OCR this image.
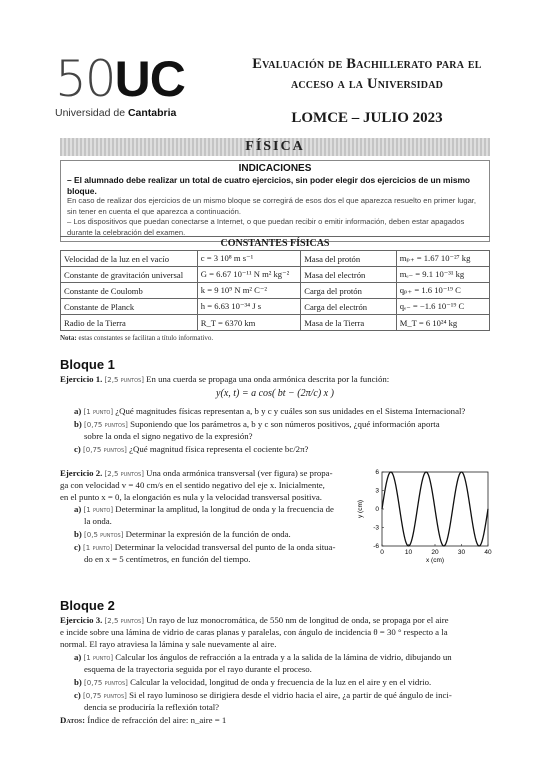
50 UC
Universidad de Cantabria
Evaluación de Bachillerato para el
acceso a la Universidad
LOMCE – JULIO 2023
FÍSICA
INDICACIONES
– El alumnado debe realizar un total de cuatro ejercicios, sin poder elegir dos ejercicios de un mismo bloque.
En caso de realizar dos ejercicios de un mismo bloque se corregirá de esos dos el que aparezca resuelto en primer lugar, sin tener en cuenta el que aparezca a continuación.
– Los dispositivos que puedan conectarse a Internet, o que puedan recibir o emitir información, deben estar apagados durante la celebración del examen.
CONSTANTES FÍSICAS
Velocidad de la luz en el vacío	c = 3 10⁸ m s⁻¹	Masa del protón	mₚ₊ = 1.67 10⁻²⁷ kg
Constante de gravitación universal	G = 6.67 10⁻¹¹ N m² kg⁻²	Masa del electrón	mₑ₋ = 9.1 10⁻³¹ kg
Constante de Coulomb	k = 9 10⁹ N m² C⁻²	Carga del protón	qₚ₊ = 1.6 10⁻¹⁹ C
Constante de Planck	h = 6.63 10⁻³⁴ J s	Carga del electrón	qₑ₋ = −1.6 10⁻¹⁹ C
Radio de la Tierra	R_T = 6370 km	Masa de la Tierra	M_T = 6 10²⁴ kg
Nota: estas constantes se facilitan a título informativo.
Bloque 1
Ejercicio 1. [2,5 puntos] En una cuerda se propaga una onda armónica descrita por la función:
y(x, t) = a cos( bt − (2π/c) x )
a) [1 punto] ¿Qué magnitudes físicas representan a, b y c y cuáles son sus unidades en el Sistema Internacional?
b) [0,75 puntos] Suponiendo que los parámetros a, b y c son números positivos, ¿qué información aporta
sobre la onda el signo negativo de la expresión?
c) [0,75 puntos] ¿Qué magnitud física representa el cociente bc/2π?
Ejercicio 2. [2,5 puntos] Una onda armónica transversal (ver figura) se propa-
ga con velocidad v = 40 cm/s en el sentido negativo del eje x. Inicialmente,
en el punto x = 0, la elongación es nula y la velocidad transversal positiva.
a) [1 punto] Determinar la amplitud, la longitud de onda y la frecuencia de
la onda.
b) [0,5 puntos] Determinar la expresión de la función de onda.
c) [1 punto] Determinar la velocidad transversal del punto de la onda situa-
do en x = 5 centímetros, en función del tiempo.
-6
-3
0
3
6
0	10	20	30	40
y (cm)
x (cm)
Bloque 2
Ejercicio 3. [2,5 puntos] Un rayo de luz monocromática, de 550 nm de longitud de onda, se propaga por el aire
e incide sobre una lámina de vidrio de caras planas y paralelas, con ángulo de incidencia θ = 30 ° respecto a la
normal. El rayo atraviesa la lámina y sale nuevamente al aire.
a) [1 punto] Calcular los ángulos de refracción a la entrada y a la salida de la lámina de vidrio, dibujando un
esquema de la trayectoria seguida por el rayo durante el proceso.
b) [0,75 puntos] Calcular la velocidad, longitud de onda y frecuencia de la luz en el aire y en el vidrio.
c) [0,75 puntos] Si el rayo luminoso se dirigiera desde el vidrio hacia el aire, ¿a partir de qué ángulo de inci-
dencia se produciría la reflexión total?
Datos: Índice de refracción del aire: n_aire = 1
